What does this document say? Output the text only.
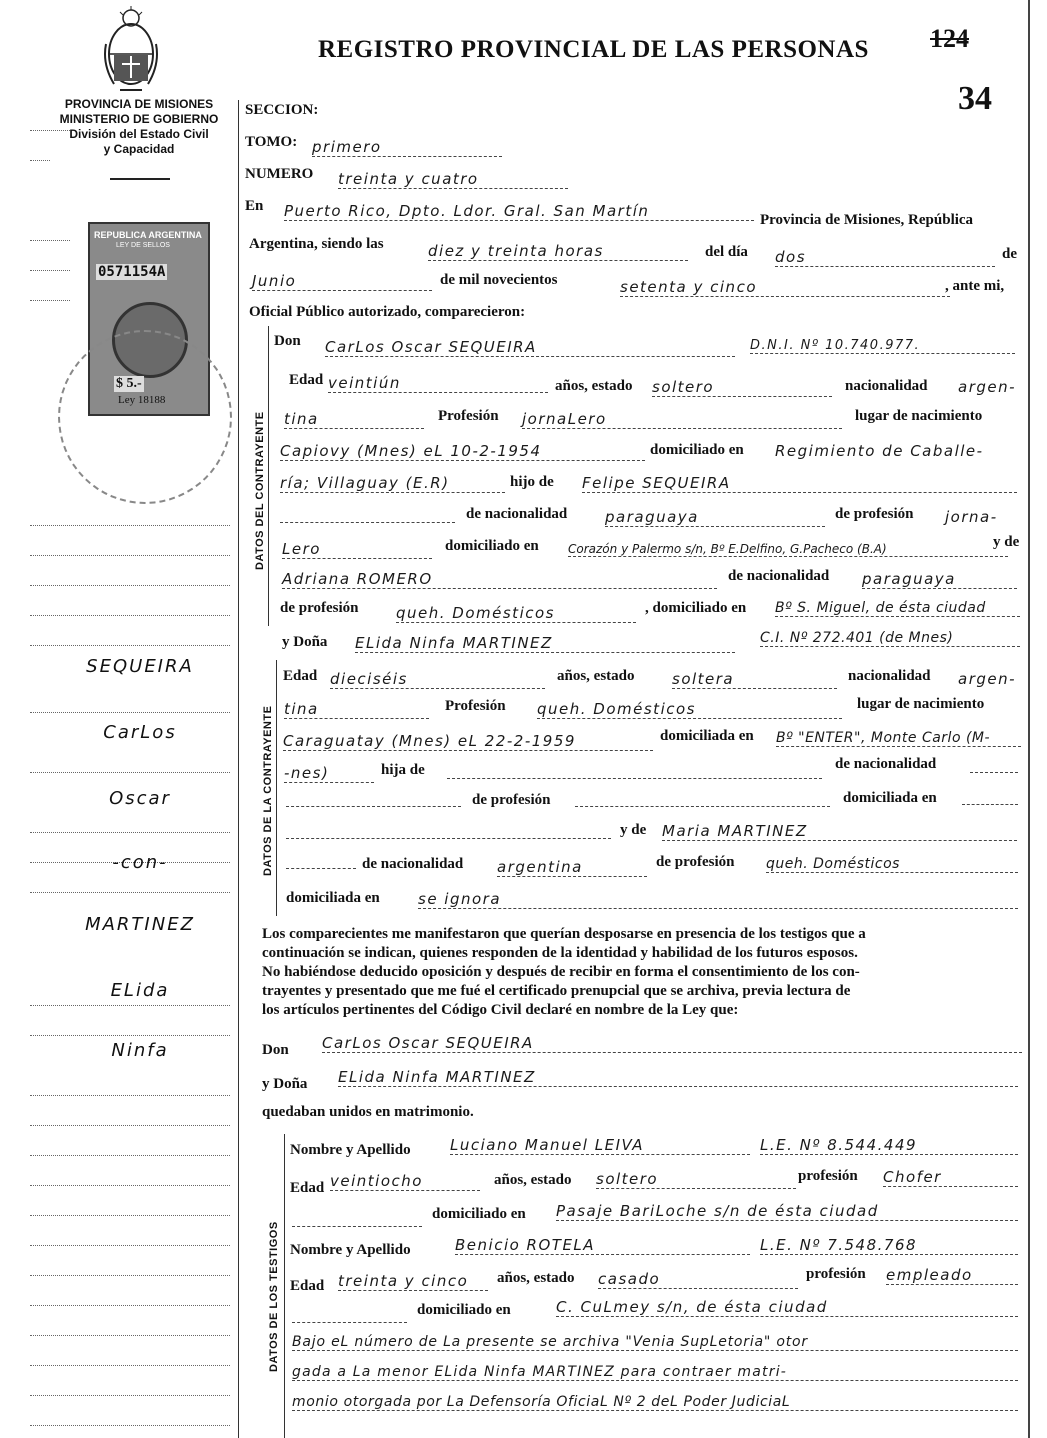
REGISTRO PROVINCIAL DE LAS PERSONAS 124
34
PROVINCIA DE MISIONES
MINISTERIO DE GOBIERNO
División del Estado Civil
y Capacidad
REPUBLICA ARGENTINA
LEY DE SELLOS
0571154A
$ 5.-
Ley 18188
SEQUEIRA
CarLos
Oscar
-con-
MARTINEZ
ELida
Ninfa
SECCION:
TOMO: primero
NUMERO treinta y cuatro
En Puerto Rico, Dpto. Ldor. Gral. San Martín	Provincia de Misiones, República
Argentina, siendo las	diez y treinta horas	del día dos	de
Junio	de mil novecientos	setenta y cinco	, ante mi,
Oficial Público autorizado, comparecieron:
DATOS DEL CONTRAYENTE
Don CarLos Oscar SEQUEIRA	D.N.I. Nº 10.740.977.
Edad veintiún	años, estado soltero	nacionalidad argen-
tina	Profesión jornaLero	lugar de nacimiento
Capiovy (Mnes) eL 10-2-1954	domiciliado en Regimiento de Caballe-
ría; Villaguay (E.R)	hijo de Felipe SEQUEIRA
de nacionalidad	paraguaya	de profesión jorna-
Lero	domiciliado en Corazón y Palermo s/n, Bº E.Delfino, G.Pacheco (B.A)	y de
Adriana ROMERO	de nacionalidad paraguaya
de profesión	queh. Domésticos	, domiciliado en Bº S. Miguel, de ésta ciudad
y Doña ELida Ninfa MARTINEZ	C.I. Nº 272.401 (de Mnes)
DATOS DE LA CONTRAYENTE
Edad dieciséis	años, estado soltera	nacionalidad argen-
tina	Profesión queh. Domésticos	lugar de nacimiento
Caraguatay (Mnes) eL 22-2-1959	domiciliada en Bº "ENTER", Monte Carlo (M-
-nes)	hija de	de nacionalidad
de profesión	domiciliada en
y de Maria MARTINEZ
de nacionalidad argentina	de profesión queh. Domésticos
domiciliada en	se ignora
Los comparecientes me manifestaron que querían desposarse en presencia de los testigos que a
continuación se indican, quienes responden de la identidad y habilidad de los futuros esposos.
No habiéndose deducido oposición y después de recibir en forma el consentimiento de los con-
trayentes y presentado que me fué el certificado prenupcial que se archiva, previa lectura de
los artículos pertinentes del Código Civil declaré en nombre de la Ley que:
Don CarLos Oscar SEQUEIRA
y Doña ELida Ninfa MARTINEZ
quedaban unidos en matrimonio.
DATOS DE LOS TESTIGOS
Nombre y Apellido	Luciano Manuel LEIVA	L.E. Nº 8.544.449
Edad veintiocho	años, estado soltero	profesión Chofer
domiciliado en Pasaje BariLoche s/n de ésta ciudad
Nombre y Apellido	Benicio ROTELA	L.E. Nº 7.548.768
Edad treinta y cinco	años, estado casado	profesión empleado
domiciliado en	C. CuLmey s/n, de ésta ciudad
Bajo eL número de La presente se archiva "Venia SupLetoria" otor
gada a La menor ELida Ninfa MARTINEZ para contraer matri-
monio otorgada por La Defensoría OficiaL Nº 2 deL Poder JudiciaL
